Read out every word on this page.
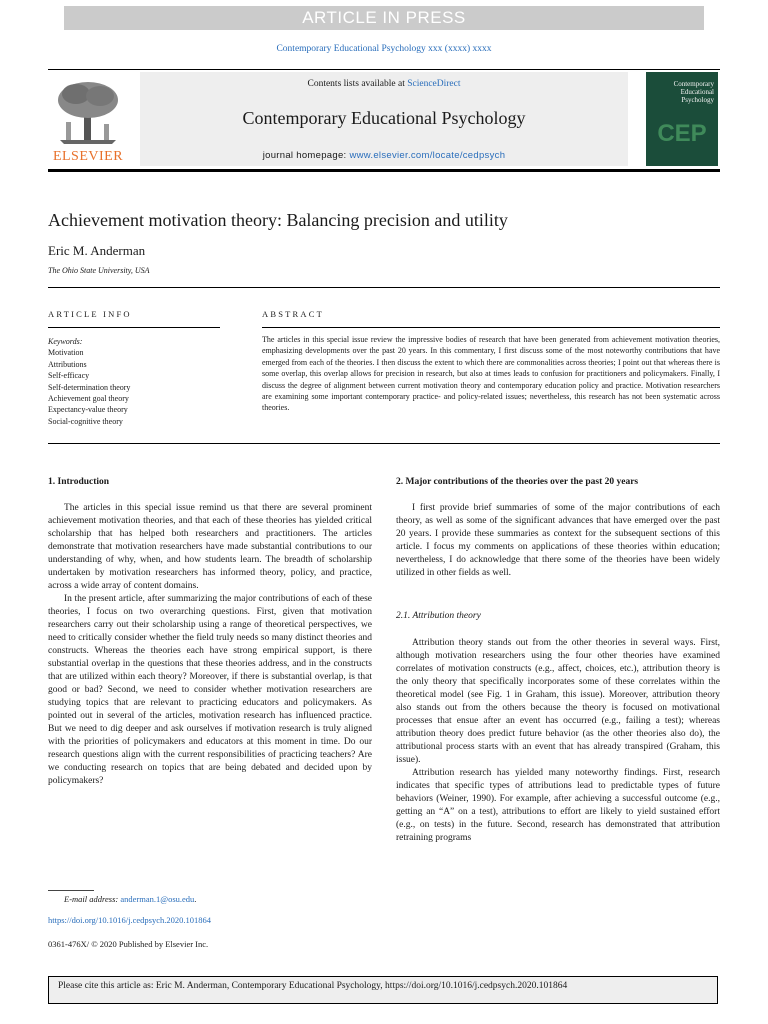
ARTICLE IN PRESS
Contemporary Educational Psychology xxx (xxxx) xxxx
ELSEVIER
Contents lists available at ScienceDirect
Contemporary Educational Psychology
journal homepage: www.elsevier.com/locate/cedpsych
Contemporary Educational Psychology
CEP
Achievement motivation theory: Balancing precision and utility
Eric M. Anderman
The Ohio State University, USA
ARTICLE INFO	ABSTRACT
Keywords:
Motivation
Attributions
Self-efficacy
Self-determination theory
Achievement goal theory
Expectancy-value theory
Social-cognitive theory
The articles in this special issue review the impressive bodies of research that have been generated from achievement motivation theories, emphasizing developments over the past 20 years. In this commentary, I first discuss some of the most noteworthy contributions that have emerged from each of the theories. I then discuss the extent to which there are commonalities across theories; I point out that whereas there is some overlap, this overlap allows for precision in research, but also at times leads to confusion for practitioners and policymakers. Finally, I discuss the degree of alignment between current motivation theory and contemporary education policy and practice. Motivation researchers are examining some important contemporary practice- and policy-related issues; nevertheless, this research has not been systematic across theories.
1. Introduction

The articles in this special issue remind us that there are several prominent achievement motivation theories, and that each of these theories has yielded critical scholarship that has helped both researchers and practitioners. The articles demonstrate that motivation researchers have made substantial contributions to our understanding of why, when, and how students learn. The breadth of scholarship undertaken by motivation researchers has informed theory, policy, and practice, across a wide array of content domains.

In the present article, after summarizing the major contributions of each of these theories, I focus on two overarching questions. First, given that motivation researchers carry out their scholarship using a range of theoretical perspectives, we need to critically consider whether the field truly needs so many distinct theories and constructs. Whereas the theories each have strong empirical support, is there substantial overlap in the questions that these theories address, and in the constructs that are utilized within each theory? Moreover, if there is substantial overlap, is that good or bad? Second, we need to consider whether motivation researchers are studying topics that are relevant to practicing educators and policymakers. As pointed out in several of the articles, motivation research has influenced practice. But we need to dig deeper and ask ourselves if motivation research is truly aligned with the priorities of policymakers and educators at this moment in time. Do our research questions align with the current responsibilities of practicing teachers? Are we conducting research on topics that are being debated and decided upon by policymakers?

2. Major contributions of the theories over the past 20 years

I first provide brief summaries of some of the major contributions of each theory, as well as some of the significant advances that have emerged over the past 20 years. I provide these summaries as context for the subsequent sections of this article. I focus my comments on applications of these theories within education; nevertheless, I do acknowledge that there some of the theories have been widely utilized in other fields as well.

2.1. Attribution theory

Attribution theory stands out from the other theories in several ways. First, although motivation researchers using the four other theories have examined correlates of motivation constructs (e.g., affect, choices, etc.), attribution theory is the only theory that specifically incorporates some of these correlates within the theoretical model (see Fig. 1 in Graham, this issue). Moreover, attribution theory also stands out from the others because the theory is focused on motivational processes that ensue after an event has occurred (e.g., failing a test); whereas attribution theory does predict future behavior (as the other theories also do), the attributional process starts with an event that has already transpired (Graham, this issue).

Attribution research has yielded many noteworthy findings. First, research indicates that specific types of attributions lead to predictable types of future behaviors (Weiner, 1990). For example, after achieving a successful outcome (e.g., getting an “A” on a test), attributions to effort are likely to yield sustained effort (e.g., on tests) in the future. Second, research has demonstrated that attribution retraining programs

E-mail address: anderman.1@osu.edu.
https://doi.org/10.1016/j.cedpsych.2020.101864
0361-476X/ © 2020 Published by Elsevier Inc.
Please cite this article as: Eric M. Anderman, Contemporary Educational Psychology, https://doi.org/10.1016/j.cedpsych.2020.101864
